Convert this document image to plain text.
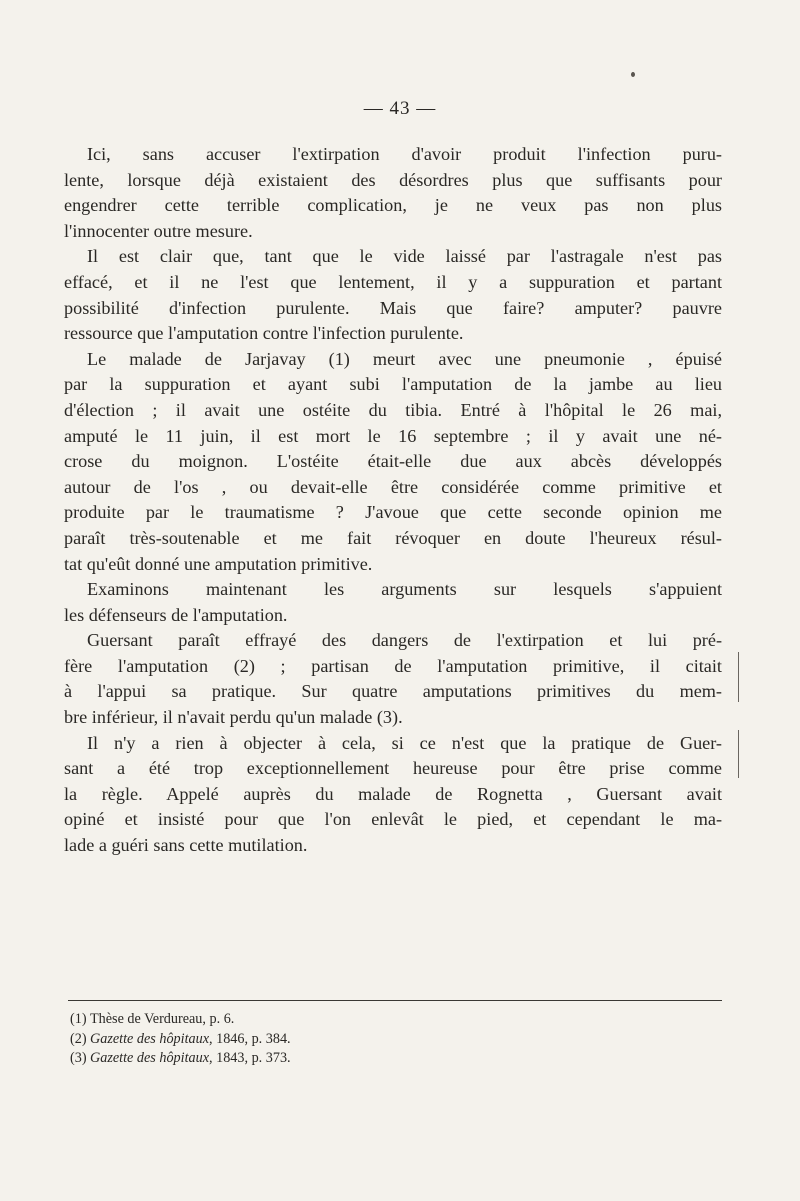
— 43 —
Ici, sans accuser l'extirpation d'avoir produit l'infection puru-
lente, lorsque déjà existaient des désordres plus que suffisants pour
engendrer cette terrible complication, je ne veux pas non plus
l'innocenter outre mesure.
Il est clair que, tant que le vide laissé par l'astragale n'est pas
effacé, et il ne l'est que lentement, il y a suppuration et partant
possibilité d'infection purulente. Mais que faire? amputer? pauvre
ressource que l'amputation contre l'infection purulente.
Le malade de Jarjavay (1) meurt avec une pneumonie , épuisé
par la suppuration et ayant subi l'amputation de la jambe au lieu
d'élection ; il avait une ostéite du tibia. Entré à l'hôpital le 26 mai,
amputé le 11 juin, il est mort le 16 septembre ; il y avait une né-
crose du moignon. L'ostéite était-elle due aux abcès développés
autour de l'os , ou devait-elle être considérée comme primitive et
produite par le traumatisme ? J'avoue que cette seconde opinion me
paraît très-soutenable et me fait révoquer en doute l'heureux résul-
tat qu'eût donné une amputation primitive.
Examinons maintenant les arguments sur lesquels s'appuient
les défenseurs de l'amputation.
Guersant paraît effrayé des dangers de l'extirpation et lui pré-
fère l'amputation (2) ; partisan de l'amputation primitive, il citait
à l'appui sa pratique. Sur quatre amputations primitives du mem-
bre inférieur, il n'avait perdu qu'un malade (3).
Il n'y a rien à objecter à cela, si ce n'est que la pratique de Guer-
sant a été trop exceptionnellement heureuse pour être prise comme
la règle. Appelé auprès du malade de Rognetta , Guersant avait
opiné et insisté pour que l'on enlevât le pied, et cependant le ma-
lade a guéri sans cette mutilation.
(1) Thèse de Verdureau, p. 6.
(2) Gazette des hôpitaux, 1846, p. 384.
(3) Gazette des hôpitaux, 1843, p. 373.
